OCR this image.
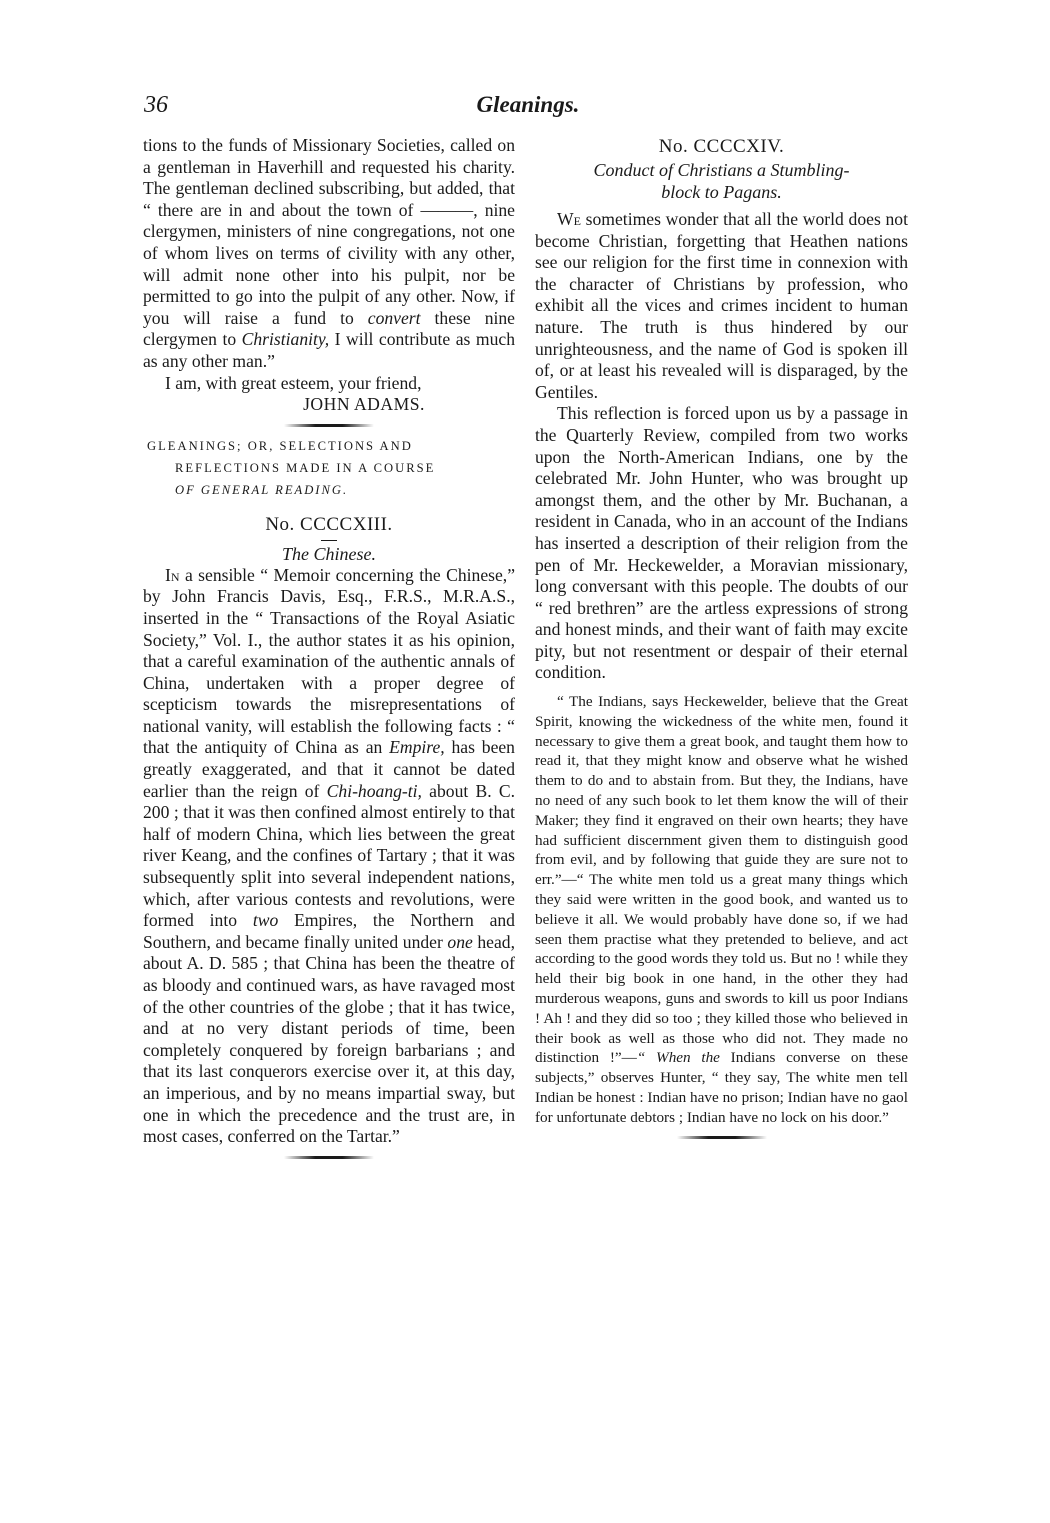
36	Gleanings.

tions to the funds of Missionary Societies, called on a gentleman in Haverhill and requested his charity. The gentleman declined subscribing, but added, that “ there are in and about the town of ———, nine clergymen, ministers of nine congregations, not one of whom lives on terms of civility with any other, will admit none other into his pulpit, nor be permitted to go into the pulpit of any other. Now, if you will raise a fund to convert these nine clergymen to Christianity, I will contribute as much as any other man.”

I am, with great esteem, your friend,

JOHN ADAMS.

GLEANINGS; OR, SELECTIONS AND
REFLECTIONS MADE IN A COURSE
OF GENERAL READING.

No. CCCCXIII.

The Chinese.

In a sensible “ Memoir concerning the Chinese,” by John Francis Davis, Esq., F.R.S., M.R.A.S., inserted in the “ Transactions of the Royal Asiatic Society,” Vol. I., the author states it as his opinion, that a careful examination of the authentic annals of China, undertaken with a proper degree of scepticism towards the misrepresentations of national vanity, will establish the following facts : “ that the antiquity of China as an Empire, has been greatly exaggerated, and that it cannot be dated earlier than the reign of Chi-hoang-ti, about B. C. 200 ; that it was then confined almost entirely to that half of modern China, which lies between the great river Keang, and the confines of Tartary ; that it was subsequently split into several independent nations, which, after various contests and revolutions, were formed into two Empires, the Northern and Southern, and became finally united under one head, about A. D. 585 ; that China has been the theatre of as bloody and continued wars, as have ravaged most of the other countries of the globe ; that it has twice, and at no very distant periods of time, been completely conquered by foreign barbarians ; and that its last conquerors exercise over it, at this day, an imperious, and by no means impartial sway, but one in which the precedence and the trust are, in most cases, conferred on the Tartar.”

No. CCCCXIV.

Conduct of Christians a Stumbling-
block to Pagans.

We sometimes wonder that all the world does not become Christian, forgetting that Heathen nations see our religion for the first time in connexion with the character of Christians by profession, who exhibit all the vices and crimes incident to human nature. The truth is thus hindered by our unrighteousness, and the name of God is spoken ill of, or at least his revealed will is disparaged, by the Gentiles.

This reflection is forced upon us by a passage in the Quarterly Review, compiled from two works upon the North-American Indians, one by the celebrated Mr. John Hunter, who was brought up amongst them, and the other by Mr. Buchanan, a resident in Canada, who in an account of the Indians has inserted a description of their religion from the pen of Mr. Heckewelder, a Moravian missionary, long conversant with this people. The doubts of our “ red brethren” are the artless expressions of strong and honest minds, and their want of faith may excite pity, but not resentment or despair of their eternal condition.

“ The Indians, says Heckewelder, believe that the Great Spirit, knowing the wickedness of the white men, found it necessary to give them a great book, and taught them how to read it, that they might know and observe what he wished them to do and to abstain from. But they, the Indians, have no need of any such book to let them know the will of their Maker; they find it engraved on their own hearts; they have had sufficient discernment given them to distinguish good from evil, and by following that guide they are sure not to err.”—“ The white men told us a great many things which they said were written in the good book, and wanted us to believe it all. We would probably have done so, if we had seen them practise what they pretended to believe, and act according to the good words they told us. But no ! while they held their big book in one hand, in the other they had murderous weapons, guns and swords to kill us poor Indians ! Ah ! and they did so too ; they killed those who believed in their book as well as those who did not. They made no distinction !”—“ When the Indians converse on these subjects,” observes Hunter, “ they say, The white men tell Indian be honest : Indian have no prison; Indian have no gaol for unfortunate debtors ; Indian have no lock on his door.”
